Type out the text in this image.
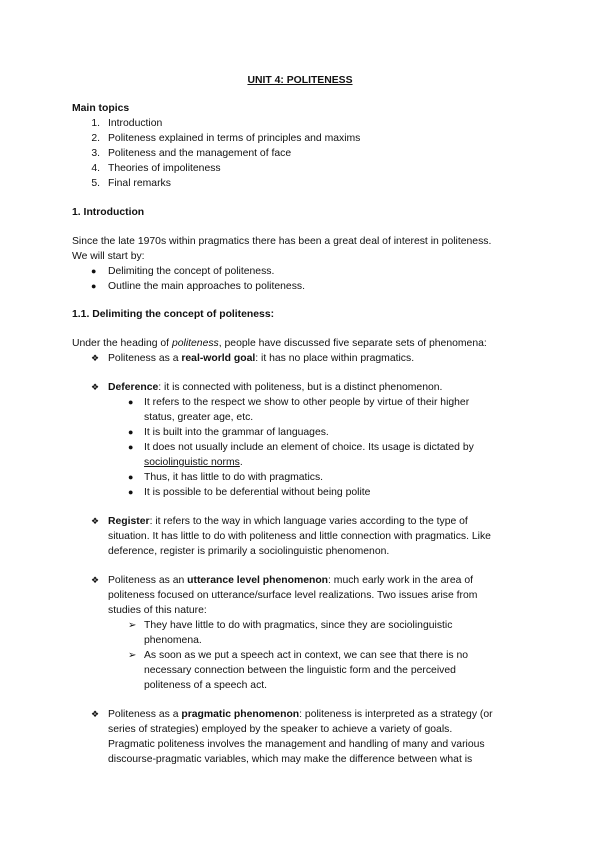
UNIT 4: POLITENESS
Main topics
1. Introduction
2. Politeness explained in terms of principles and maxims
3. Politeness and the management of face
4. Theories of impoliteness
5. Final remarks
1. Introduction
Since the late 1970s within pragmatics there has been a great deal of interest in politeness.
We will start by:
● Delimiting the concept of politeness.
● Outline the main approaches to politeness.
1.1. Delimiting the concept of politeness:
Under the heading of politeness, people have discussed five separate sets of phenomena:
❖ Politeness as a real-world goal: it has no place within pragmatics.
❖ Deference: it is connected with politeness, but is a distinct phenomenon.
● It refers to the respect we show to other people by virtue of their higher
status, greater age, etc.
● It is built into the grammar of languages.
● It does not usually include an element of choice. Its usage is dictated by
sociolinguistic norms.
● Thus, it has little to do with pragmatics.
● It is possible to be deferential without being polite
❖ Register: it refers to the way in which language varies according to the type of
situation. It has little to do with politeness and little connection with pragmatics. Like
deference, register is primarily a sociolinguistic phenomenon.
❖ Politeness as an utterance level phenomenon: much early work in the area of
politeness focused on utterance/surface level realizations. Two issues arise from
studies of this nature:
➢ They have little to do with pragmatics, since they are sociolinguistic
phenomena.
➢ As soon as we put a speech act in context, we can see that there is no
necessary connection between the linguistic form and the perceived
politeness of a speech act.
❖ Politeness as a pragmatic phenomenon: politeness is interpreted as a strategy (or
series of strategies) employed by the speaker to achieve a variety of goals.
Pragmatic politeness involves the management and handling of many and various
discourse-pragmatic variables, which may make the difference between what is
